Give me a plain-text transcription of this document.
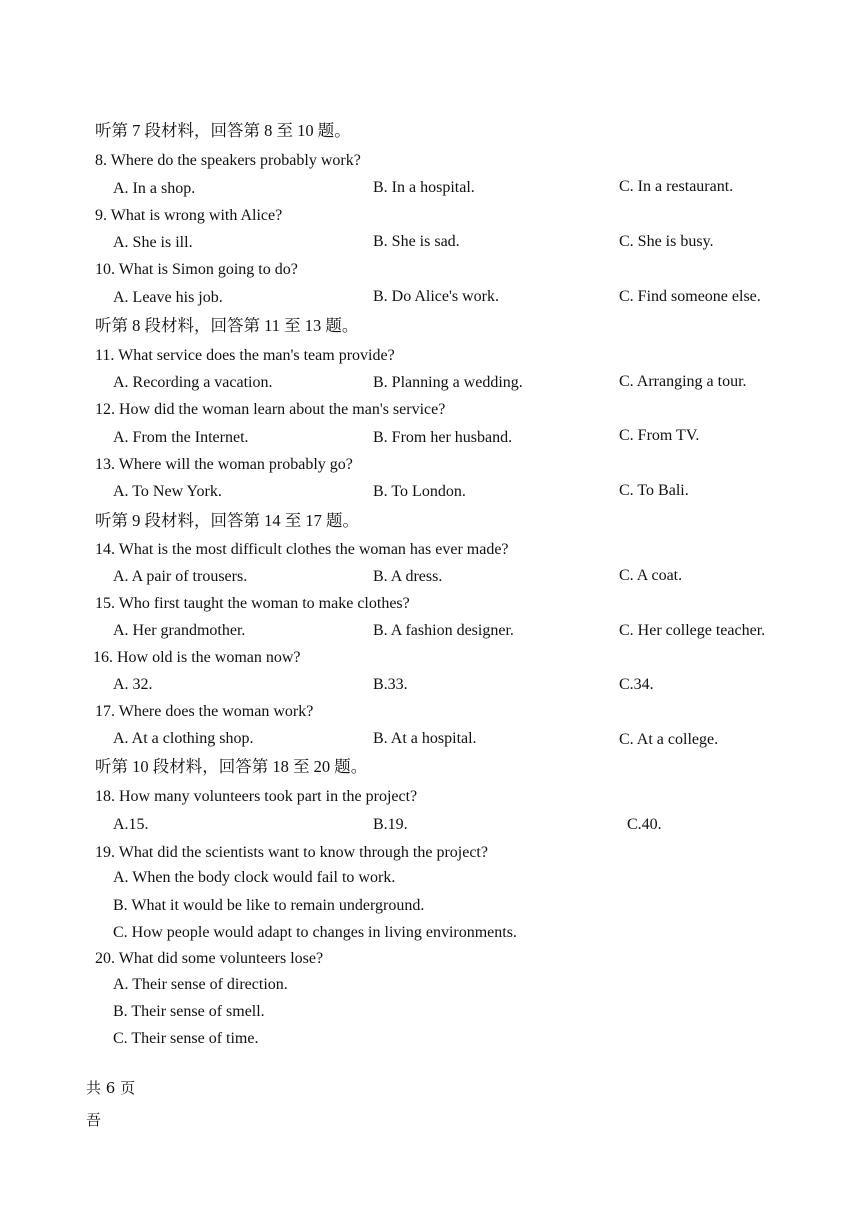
听第 7 段材料，回答第 8 至 10 题。
8. Where do the speakers probably work?
A. In a shop.	B. In a hospital.	C. In a restaurant.
9. What is wrong with Alice?
A. She is ill.	B. She is sad.	C. She is busy.
10. What is Simon going to do?
A. Leave his job.	B. Do Alice's work.	C. Find someone else.
听第 8 段材料，回答第 11 至 13 题。
11. What service does the man's team provide?
A. Recording a vacation.	B. Planning a wedding.	C. Arranging a tour.
12. How did the woman learn about the man's service?
A. From the Internet.	B. From her husband.	C. From TV.
13. Where will the woman probably go?
A. To New York.	B. To London.	C. To Bali.
听第 9 段材料，回答第 14 至 17 题。
14. What is the most difficult clothes the woman has ever made?
A. A pair of trousers.	B. A dress.	C. A coat.
15. Who first taught the woman to make clothes?
A. Her grandmother.	B. A fashion designer.	C. Her college teacher.
16. How old is the woman now?
A. 32.	B.33.	C.34.
17. Where does the woman work?
A. At a clothing shop.	B. At a hospital.	C. At a college.
听第 10 段材料，回答第 18 至 20 题。
18. How many volunteers took part in the project?
A.15.	B.19.	C.40.
19. What did the scientists want to know through the project?
A. When the body clock would fail to work.
B. What it would be like to remain underground.
C. How people would adapt to changes in living environments.
20. What did some volunteers lose?
A. Their sense of direction.
B. Their sense of smell.
C. Their sense of time.
共 6 页
吾
